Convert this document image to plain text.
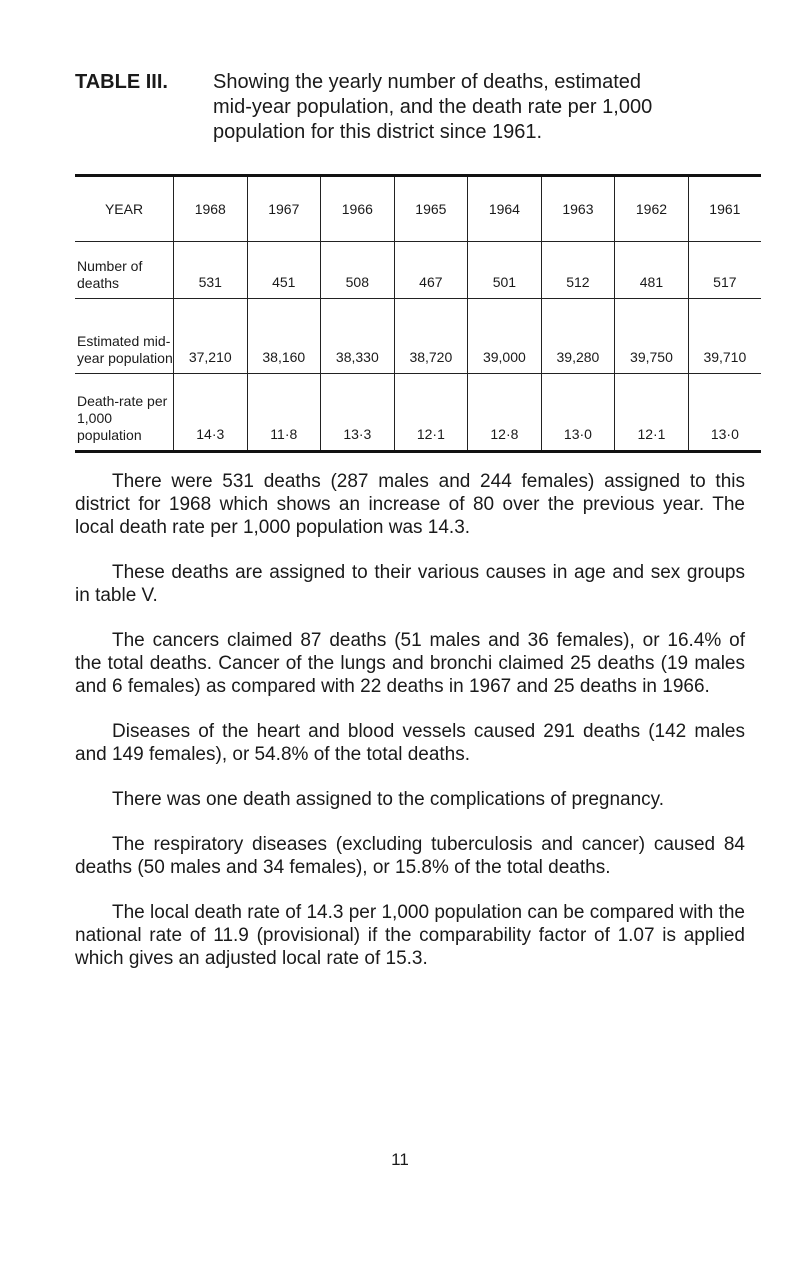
TABLE III. Showing the yearly number of deaths, estimated
mid-year population, and the death rate per 1,000
population for this district since 1961.
YEAR	1968	1967	1966	1965	1964	1963	1962	1961
Number of deaths	531	451	508	467	501	512	481	517
Estimated mid-year population	37,210	38,160	38,330	38,720	39,000	39,280	39,750	39,710
Death-rate per 1,000 population	14·3	11·8	13·3	12·1	12·8	13·0	12·1	13·0

There were 531 deaths (287 males and 244 females) assigned to this district for 1968 which shows an increase of 80 over the previous year. The local death rate per 1,000 population was 14.3.

These deaths are assigned to their various causes in age and sex groups in table V.

The cancers claimed 87 deaths (51 males and 36 females), or 16.4% of the total deaths. Cancer of the lungs and bronchi claimed 25 deaths (19 males and 6 females) as compared with 22 deaths in 1967 and 25 deaths in 1966.

Diseases of the heart and blood vessels caused 291 deaths (142 males and 149 females), or 54.8% of the total deaths.

There was one death assigned to the complications of pregnancy.

The respiratory diseases (excluding tuberculosis and cancer) caused 84 deaths (50 males and 34 females), or 15.8% of the total deaths.

The local death rate of 14.3 per 1,000 population can be compared with the national rate of 11.9 (provisional) if the comparability factor of 1.07 is applied which gives an adjusted local rate of 15.3.

11
